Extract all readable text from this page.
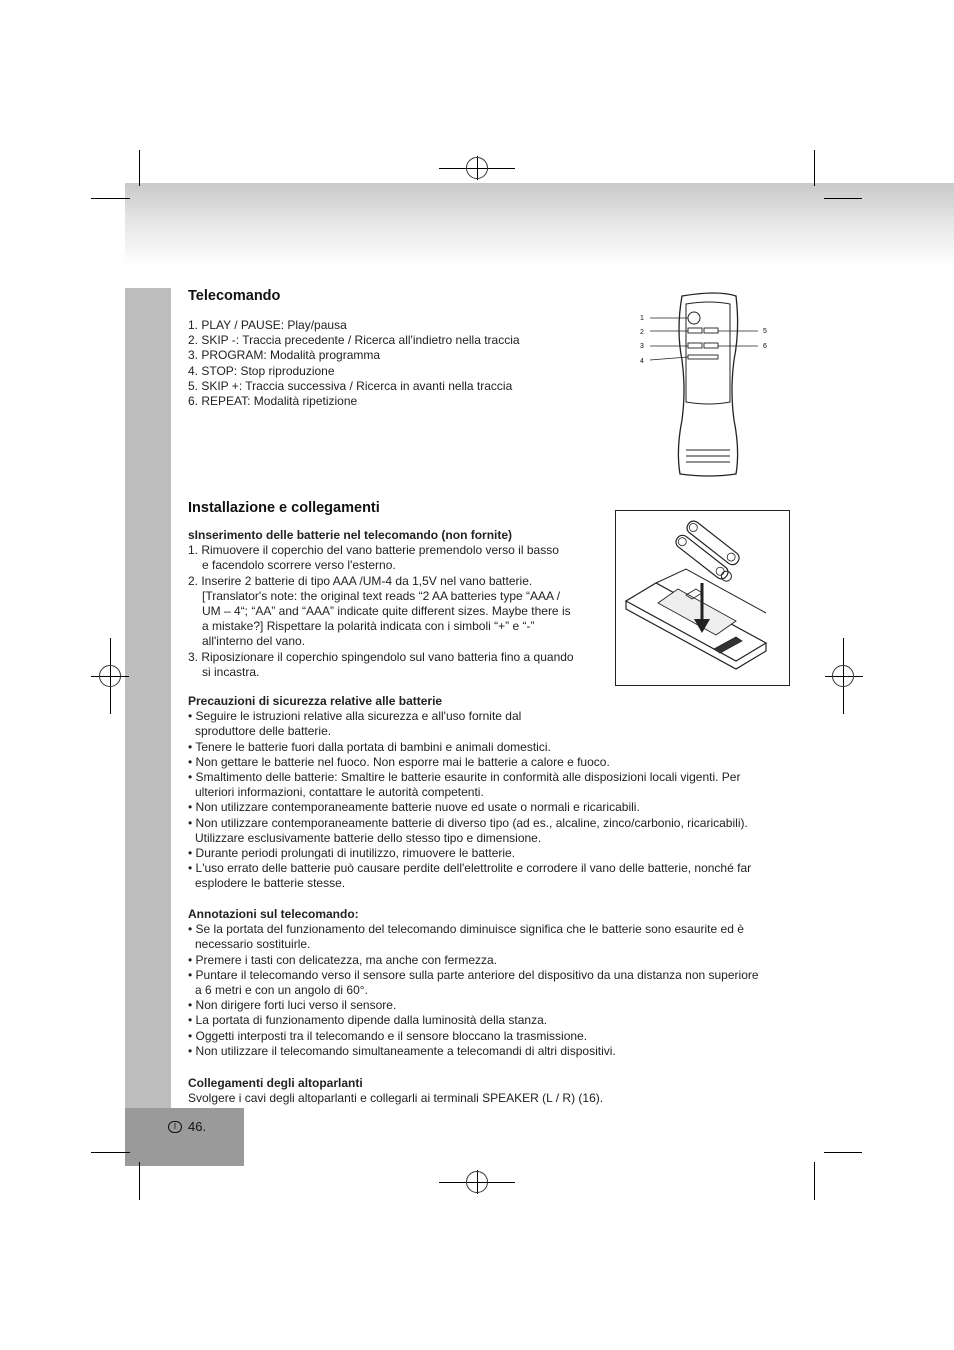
I 46.
Telecomando

1. PLAY / PAUSE: Play/pausa

2. SKIP -: Traccia precedente / Ricerca all'indietro nella traccia

3. PROGRAM: Modalità programma

4. STOP: Stop riproduzione

5. SKIP +: Traccia successiva / Ricerca in avanti nella traccia

6. REPEAT: Modalità ripetizione

1
2
3
4
5
6
Installazione e collegamenti

sInserimento delle batterie nel telecomando (non fornite)

1. Rimuovere il coperchio del vano batterie premendolo verso il basso

e facendolo scorrere verso l'esterno.

2. Inserire 2 batterie di tipo AAA /UM-4 da 1,5V nel vano batterie.

[Translator's note: the original text reads “2 AA batteries type “AAA /

UM – 4“; “AA” and “AAA” indicate quite different sizes. Maybe there is

a mistake?] Rispettare la polarità indicata con i simboli “+” e “-”

all'interno del vano.

3. Riposizionare il coperchio spingendolo sul vano batteria fino a quando

si incastra.

Precauzioni di sicurezza relative alle batterie

• Seguire le istruzioni relative alla sicurezza e all'uso fornite dal

sproduttore delle batterie.

• Tenere le batterie fuori dalla portata di bambini e animali domestici.

• Non gettare le batterie nel fuoco. Non esporre mai le batterie a calore e fuoco.

• Smaltimento delle batterie: Smaltire le batterie esaurite in conformità alle disposizioni locali vigenti. Per

ulteriori informazioni, contattare le autorità competenti.

• Non utilizzare contemporaneamente batterie nuove ed usate o normali e ricaricabili.

• Non utilizzare contemporaneamente batterie di diverso tipo (ad es., alcaline, zinco/carbonio, ricaricabili).

Utilizzare esclusivamente batterie dello stesso tipo e dimensione.

• Durante periodi prolungati di inutilizzo, rimuovere le batterie.

• L'uso errato delle batterie può causare perdite dell'elettrolite e corrodere il vano delle batterie, nonché far

esplodere le batterie stesse.

Annotazioni sul telecomando:

• Se la portata del funzionamento del telecomando diminuisce significa che le batterie sono esaurite ed è

necessario sostituirle.

• Premere i tasti con delicatezza, ma anche con fermezza.

• Puntare il telecomando verso il sensore sulla parte anteriore del dispositivo da una distanza non superiore

a 6 metri e con un angolo di 60°.

• Non dirigere forti luci verso il sensore.

• La portata di funzionamento dipende dalla luminosità della stanza.

• Oggetti interposti tra il telecomando e il sensore bloccano la trasmissione.

• Non utilizzare il telecomando simultaneamente a telecomandi di altri dispositivi.

Collegamenti degli altoparlanti

Svolgere i cavi degli altoparlanti e collegarli ai terminali SPEAKER (L / R) (16).
